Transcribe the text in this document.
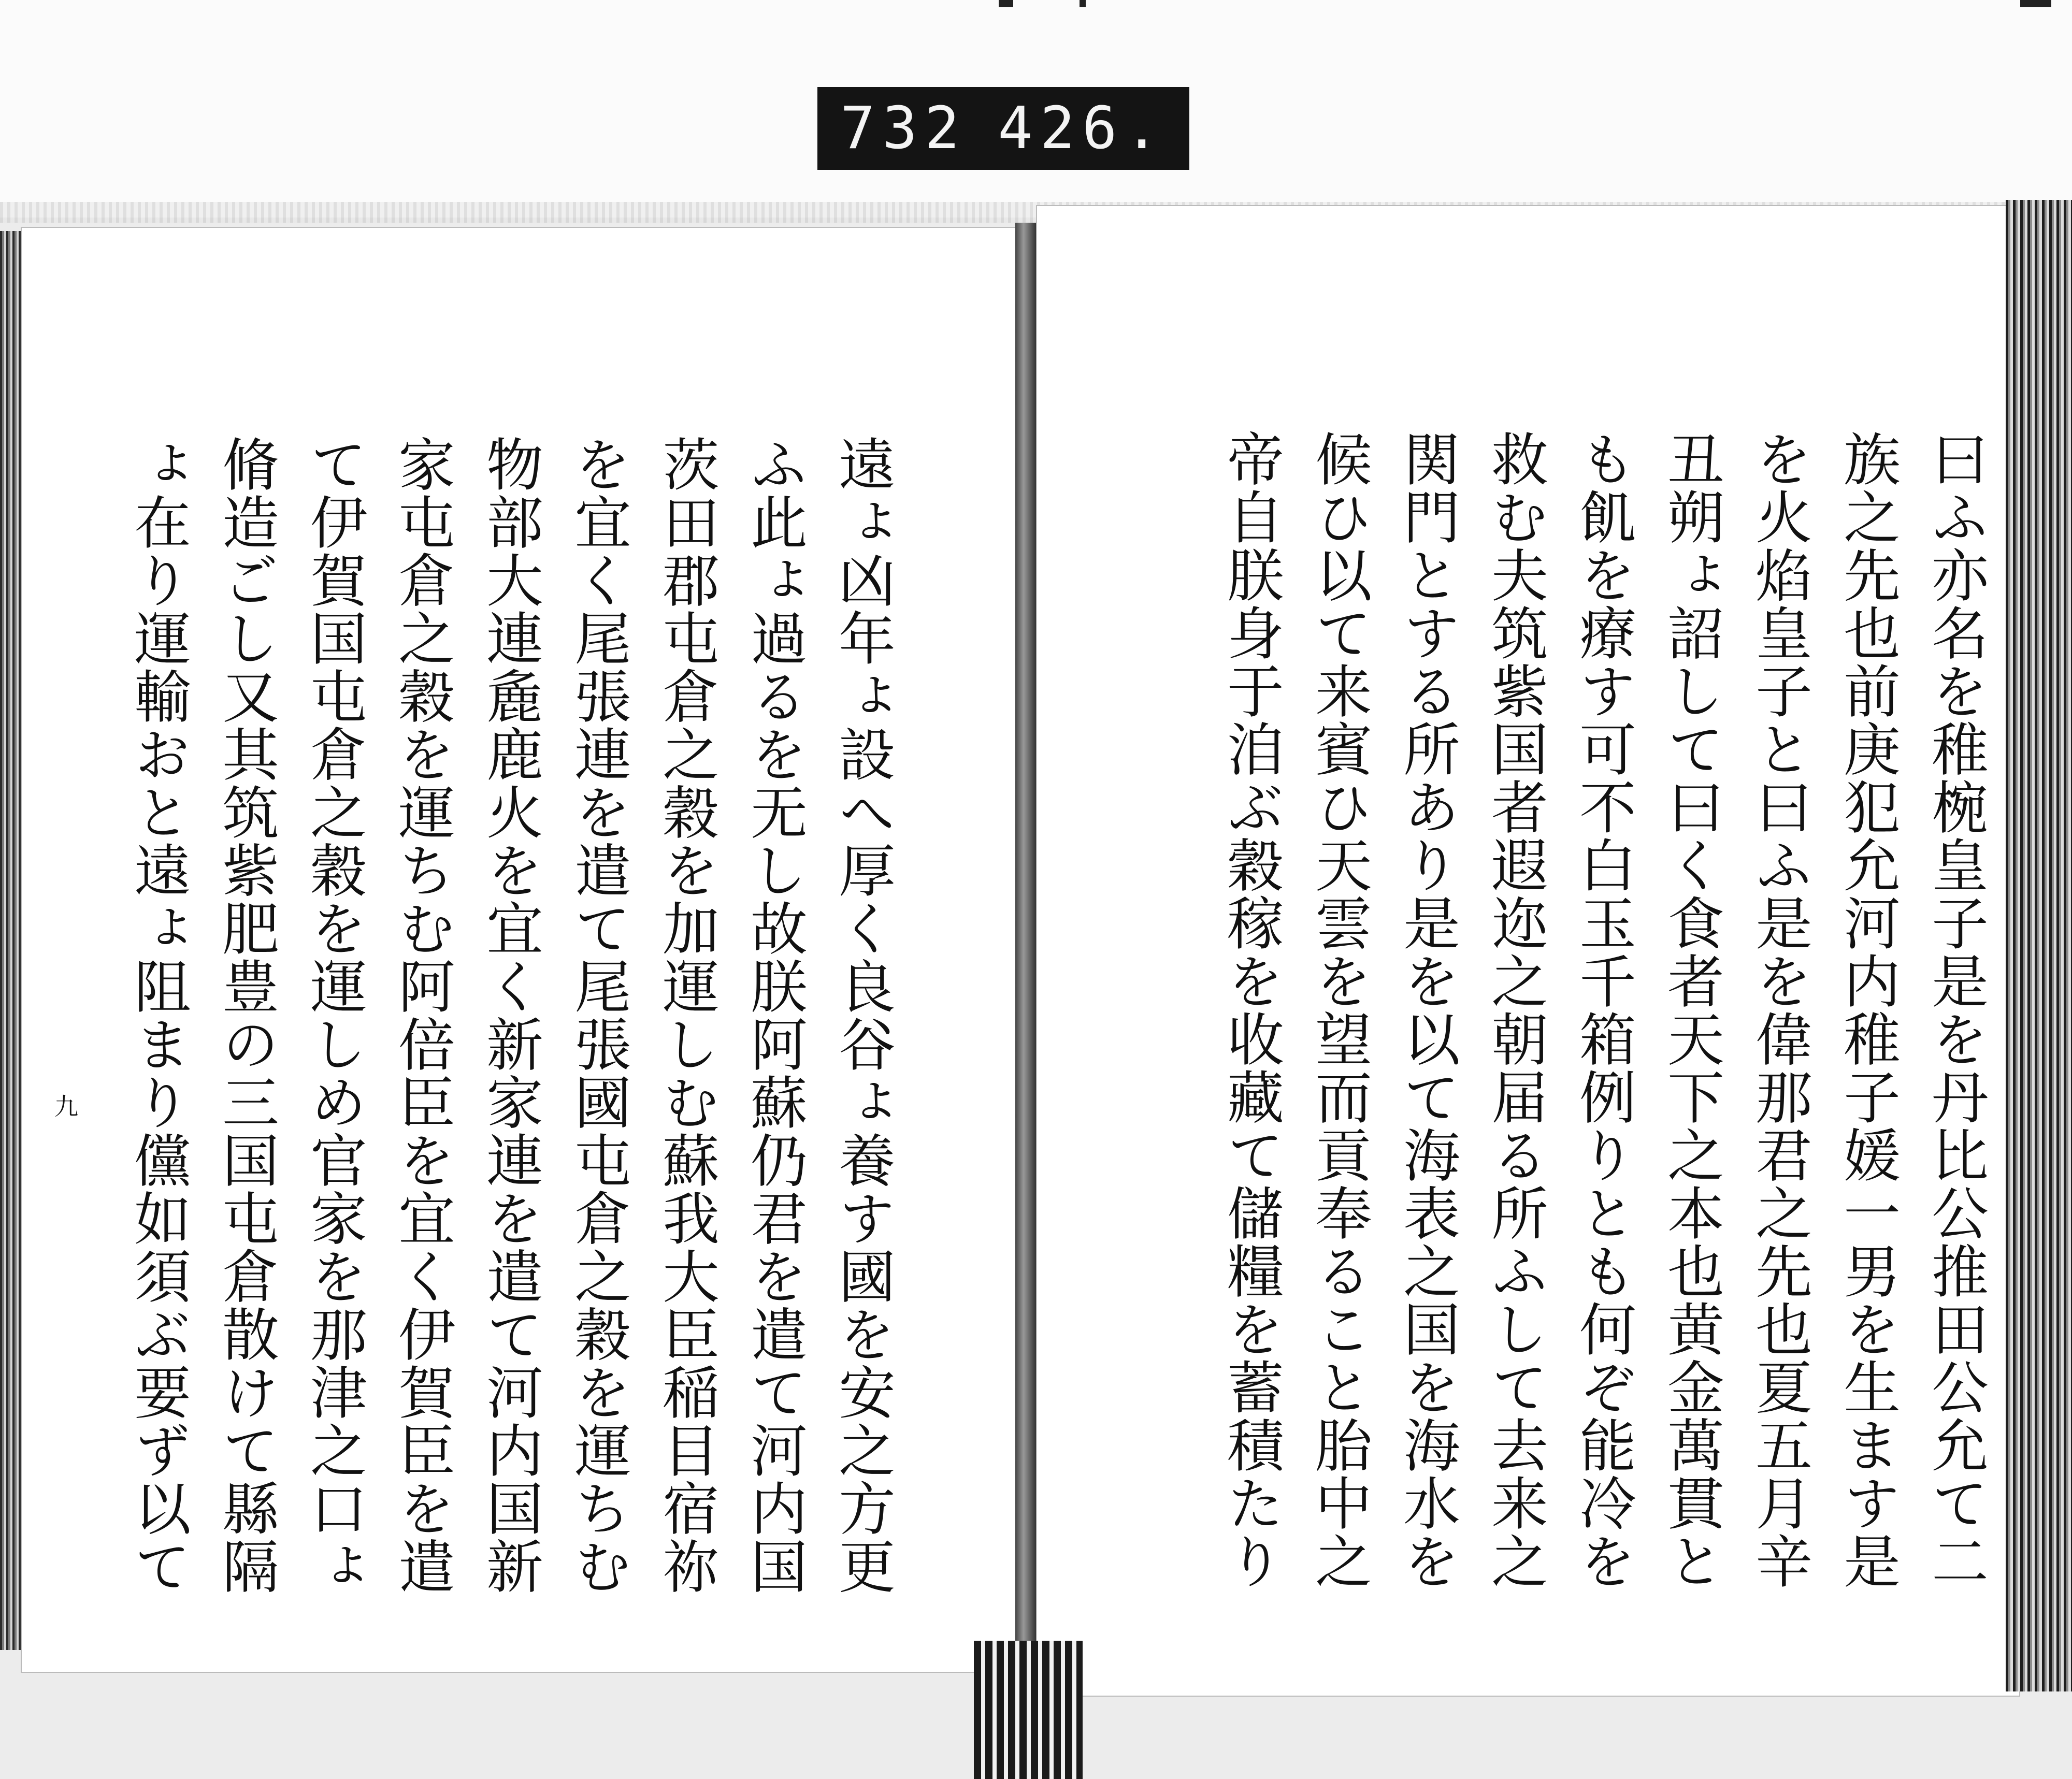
732 426.

曰ふ亦名を稚椀皇子是を丹比公推田公允て二

族之先也前庚犯允河内稚子媛一男を生ます是

を火焰皇子と曰ふ是を偉那君之先也夏五月辛

丑朔ょ詔して曰く食者天下之本也黄金萬貫と

も飢を療す可不白玉千箱例りとも何ぞ能冷を

救む夫筑紫国者遐迩之朝届る所ふして去来之

関門とする所あり是を以て海表之国を海水を

候ひ以て来賓ひ天雲を望而貢奉ること胎中之

帝自朕身于洎ぶ穀稼を收藏て儲糧を蓄積たり

遠ょ凶年ょ設へ厚く良谷ょ養す國を安之方更

ふ此ょ過るを无し故朕阿蘇仍君を遣て河内国

茨田郡屯倉之穀を加運しむ蘇我大臣稲目宿祢

を宜く尾張連を遣て尾張國屯倉之穀を運ちむ

物部大連麁鹿火を宜く新家連を遣て河内国新

家屯倉之穀を運ちむ阿倍臣を宜く伊賀臣を遣

て伊賀国屯倉之穀を運しめ官家を那津之口ょ

脩造ごし又其筑紫肥豊の三国屯倉散けて縣隔

ょ在り運輸おと遠ょ阻まり儻如須ぶ要ず以て

九
